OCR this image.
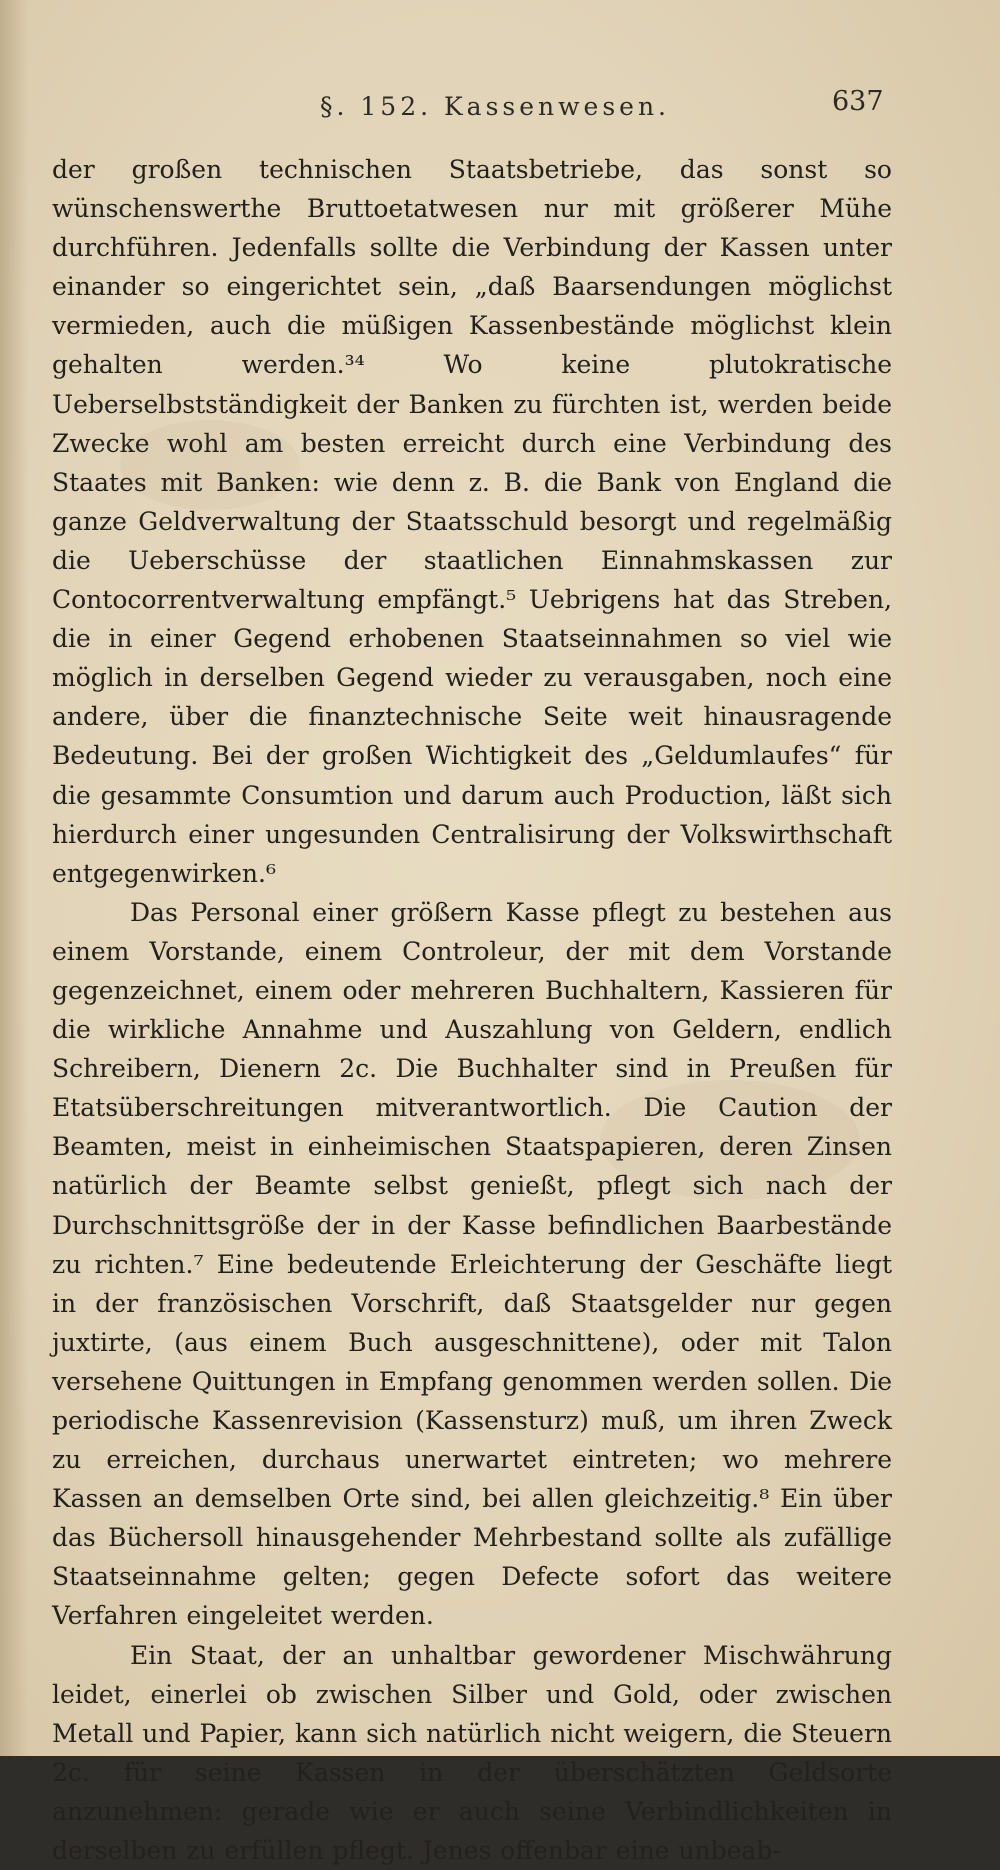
§. 152. Kassenwesen.	637

der großen technischen Staatsbetriebe, das sonst so wünschenswerthe Bruttoetatwesen nur mit größerer Mühe durchführen. Jedenfalls sollte die Verbindung der Kassen unter einander so eingerichtet sein, „daß Baarsendungen möglichst vermieden, auch die müßigen Kassenbestände möglichst klein gehalten werden.³⁴ Wo keine plutokratische Ueberselbstständigkeit der Banken zu fürchten ist, werden beide Zwecke wohl am besten erreicht durch eine Verbindung des Staates mit Banken: wie denn z. B. die Bank von England die ganze Geldverwaltung der Staatsschuld besorgt und regelmäßig die Ueberschüsse der staatlichen Einnahmskassen zur Contocorrentverwaltung empfängt.⁵ Uebrigens hat das Streben, die in einer Gegend erhobenen Staatseinnahmen so viel wie möglich in derselben Gegend wieder zu verausgaben, noch eine andere, über die finanztechnische Seite weit hinausragende Bedeutung. Bei der großen Wichtigkeit des „Geldumlaufes“ für die gesammte Consumtion und darum auch Production, läßt sich hierdurch einer ungesunden Centralisirung der Volkswirthschaft entgegenwirken.⁶

Das Personal einer größern Kasse pflegt zu bestehen aus einem Vorstande, einem Controleur, der mit dem Vorstande gegenzeichnet, einem oder mehreren Buchhaltern, Kassieren für die wirkliche Annahme und Auszahlung von Geldern, endlich Schreibern, Dienern 2c. Die Buchhalter sind in Preußen für Etatsüberschreitungen mitverantwortlich. Die Caution der Beamten, meist in einheimischen Staatspapieren, deren Zinsen natürlich der Beamte selbst genießt, pflegt sich nach der Durchschnittsgröße der in der Kasse befindlichen Baarbestände zu richten.⁷ Eine bedeutende Erleichterung der Geschäfte liegt in der französischen Vorschrift, daß Staatsgelder nur gegen juxtirte, (aus einem Buch ausgeschnittene), oder mit Talon versehene Quittungen in Empfang genommen werden sollen. Die periodische Kassenrevision (Kassensturz) muß, um ihren Zweck zu erreichen, durchaus unerwartet eintreten; wo mehrere Kassen an demselben Orte sind, bei allen gleichzeitig.⁸ Ein über das Büchersoll hinausgehender Mehrbestand sollte als zufällige Staatseinnahme gelten; gegen Defecte sofort das weitere Verfahren eingeleitet werden.

Ein Staat, der an unhaltbar gewordener Mischwährung leidet, einerlei ob zwischen Silber und Gold, oder zwischen Metall und Papier, kann sich natürlich nicht weigern, die Steuern 2c. für seine Kassen in der überschätzten Geldsorte anzunehmen: gerade wie er auch seine Verbindlichkeiten in derselben zu erfüllen pflegt. Jenes offenbar eine unbeab-
